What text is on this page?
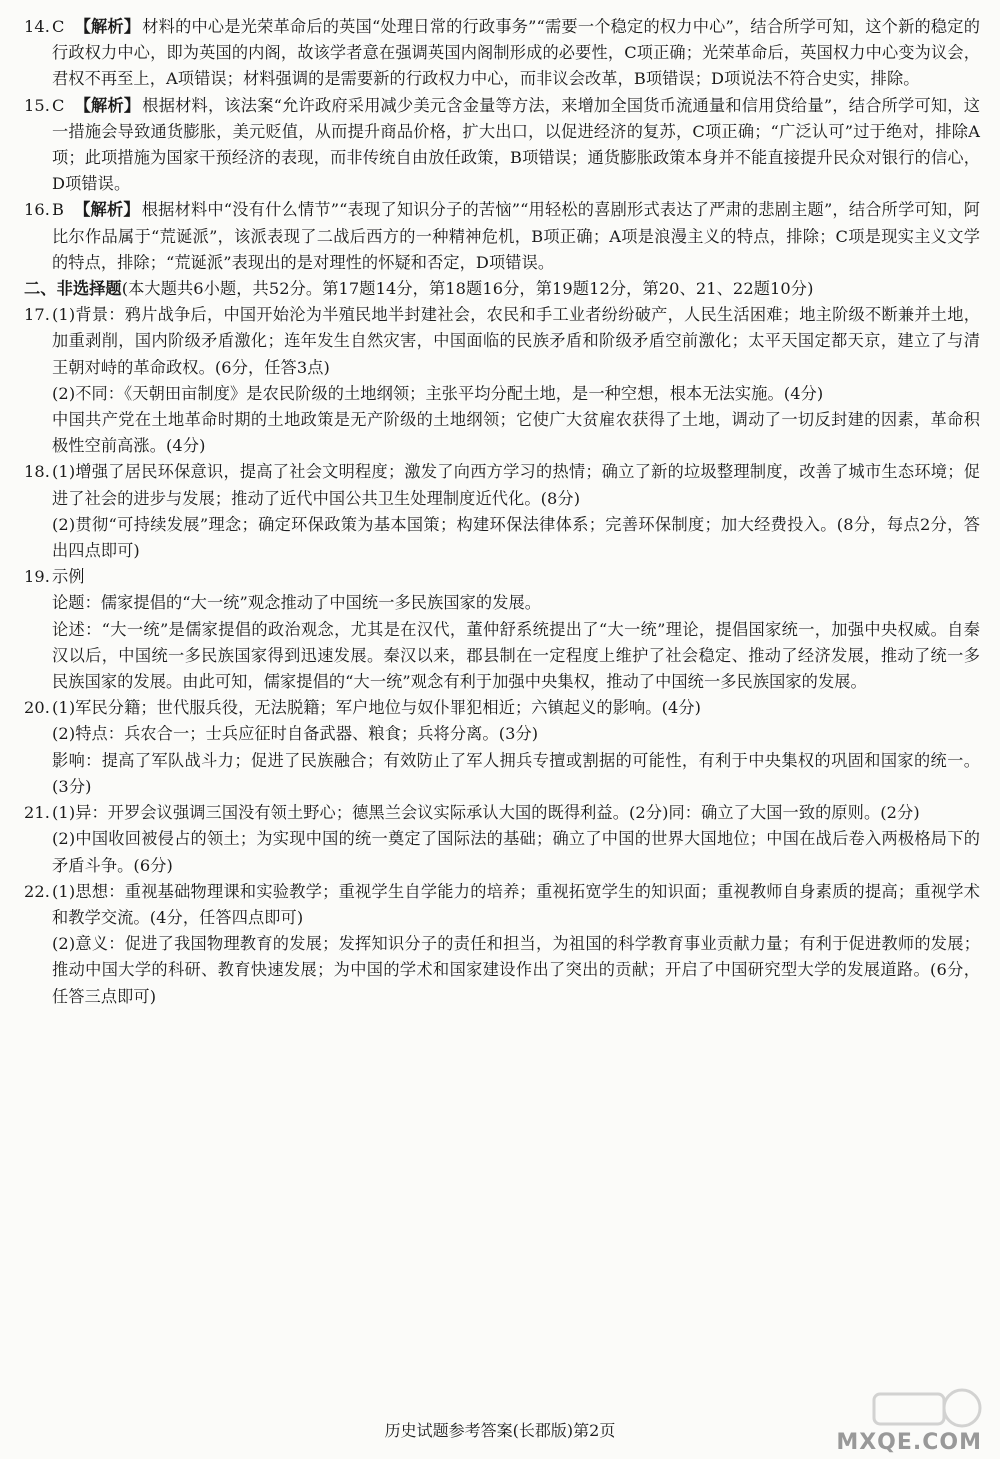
14. C 【解析】 材料的中心是光荣革命后的英国“处理日常的行政事务”“需要一个稳定的权力中心”，结合所学可知，这个新的稳定的行政权力中心，即为英国的内阁，故该学者意在强调英国内阁制形成的必要性，C项正确；光荣革命后，英国权力中心变为议会，君权不再至上，A项错误；材料强调的是需要新的行政权力中心，而非议会改革，B项错误；D项说法不符合史实，排除。

15. C 【解析】 根据材料，该法案“允许政府采用减少美元含金量等方法，来增加全国货币流通量和信用贷给量”，结合所学可知，这一措施会导致通货膨胀，美元贬值，从而提升商品价格，扩大出口，以促进经济的复苏，C项正确；“广泛认可”过于绝对，排除A项；此项措施为国家干预经济的表现，而非传统自由放任政策，B项错误；通货膨胀政策本身并不能直接提升民众对银行的信心，D项错误。

16. B 【解析】 根据材料中“没有什么情节”“表现了知识分子的苦恼”“用轻松的喜剧形式表达了严肃的悲剧主题”，结合所学可知，阿比尔作品属于“荒诞派”，该派表现了二战后西方的一种精神危机，B项正确；A项是浪漫主义的特点，排除；C项是现实主义文学的特点，排除；“荒诞派”表现出的是对理性的怀疑和否定，D项错误。

二、非选择题(本大题共6小题，共52分。第17题14分，第18题16分，第19题12分，第20、21、22题10分)

17. (1)背景：鸦片战争后，中国开始沦为半殖民地半封建社会，农民和手工业者纷纷破产，人民生活困难；地主阶级不断兼并土地，加重剥削，国内阶级矛盾激化；连年发生自然灾害，中国面临的民族矛盾和阶级矛盾空前激化；太平天国定都天京，建立了与清王朝对峙的革命政权。(6分，任答3点)

(2)不同：《天朝田亩制度》是农民阶级的土地纲领；主张平均分配土地，是一种空想，根本无法实施。(4分)

中国共产党在土地革命时期的土地政策是无产阶级的土地纲领；它使广大贫雇农获得了土地，调动了一切反封建的因素，革命积极性空前高涨。(4分)

18. (1)增强了居民环保意识，提高了社会文明程度；激发了向西方学习的热情；确立了新的垃圾整理制度，改善了城市生态环境；促进了社会的进步与发展；推动了近代中国公共卫生处理制度近代化。(8分)

(2)贯彻“可持续发展”理念；确定环保政策为基本国策；构建环保法律体系；完善环保制度；加大经费投入。(8分，每点2分，答出四点即可)

19. 示例

论题：儒家提倡的“大一统”观念推动了中国统一多民族国家的发展。

论述：“大一统”是儒家提倡的政治观念，尤其是在汉代，董仲舒系统提出了“大一统”理论，提倡国家统一，加强中央权威。自秦汉以后，中国统一多民族国家得到迅速发展。秦汉以来，郡县制在一定程度上维护了社会稳定、推动了经济发展，推动了统一多民族国家的发展。由此可知，儒家提倡的“大一统”观念有利于加强中央集权，推动了中国统一多民族国家的发展。

20. (1)军民分籍；世代服兵役，无法脱籍；军户地位与奴仆罪犯相近；六镇起义的影响。(4分)

(2)特点：兵农合一；士兵应征时自备武器、粮食；兵将分离。(3分)

影响：提高了军队战斗力；促进了民族融合；有效防止了军人拥兵专擅或割据的可能性，有利于中央集权的巩固和国家的统一。(3分)

21. (1)异：开罗会议强调三国没有领土野心；德黑兰会议实际承认大国的既得利益。(2分)同：确立了大国一致的原则。(2分)

(2)中国收回被侵占的领土；为实现中国的统一奠定了国际法的基础；确立了中国的世界大国地位；中国在战后卷入两极格局下的矛盾斗争。(6分)

22. (1)思想：重视基础物理课和实验教学；重视学生自学能力的培养；重视拓宽学生的知识面；重视教师自身素质的提高；重视学术和教学交流。(4分，任答四点即可)

(2)意义：促进了我国物理教育的发展；发挥知识分子的责任和担当，为祖国的科学教育事业贡献力量；有利于促进教师的发展；推动中国大学的科研、教育快速发展；为中国的学术和国家建设作出了突出的贡献；开启了中国研究型大学的发展道路。(6分，任答三点即可)

历史试题参考答案(长郡版)第2页	MXQE.COM
